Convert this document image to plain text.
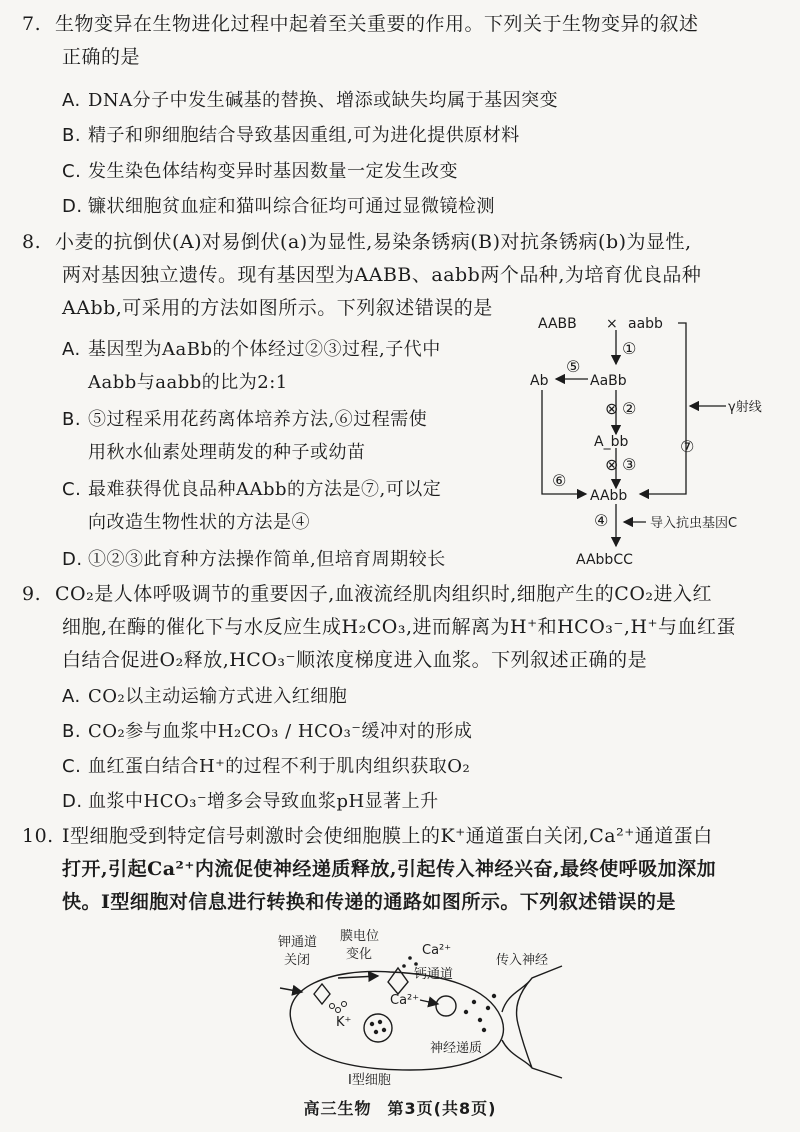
7. 生物变异在生物进化过程中起着至关重要的作用。下列关于生物变异的叙述
正确的是
A. DNA分子中发生碱基的替换、增添或缺失均属于基因突变
B. 精子和卵细胞结合导致基因重组,可为进化提供原材料
C. 发生染色体结构变异时基因数量一定发生改变
D. 镰状细胞贫血症和猫叫综合征均可通过显微镜检测
8. 小麦的抗倒伏(A)对易倒伏(a)为显性,易染条锈病(B)对抗条锈病(b)为显性,
两对基因独立遗传。现有基因型为AABB、aabb两个品种,为培育优良品种
AAbb,可采用的方法如图所示。下列叙述错误的是
A. 基因型为AaBb的个体经过②③过程,子代中
Aabb与aabb的比为2:1
B. ⑤过程采用花药离体培养方法,⑥过程需使
用秋水仙素处理萌发的种子或幼苗
C. 最难获得优良品种AAbb的方法是⑦,可以定
向改造生物性状的方法是④
D. ①②③此育种方法操作简单,但培育周期较长
AABB × aabb
①
⑤
AaBb
Ab
⊗ ②
A_bb
⊗ ③
⑦
γ射线
⑥
AAbb
④	导入抗虫基因C
AAbbCC
9. CO₂是人体呼吸调节的重要因子,血液流经肌肉组织时,细胞产生的CO₂进入红
细胞,在酶的催化下与水反应生成H₂CO₃,进而解离为H⁺和HCO₃⁻,H⁺与血红蛋
白结合促进O₂释放,HCO₃⁻顺浓度梯度进入血浆。下列叙述正确的是
A. CO₂以主动运输方式进入红细胞
B. CO₂参与血浆中H₂CO₃ / HCO₃⁻缓冲对的形成
C. 血红蛋白结合H⁺的过程不利于肌肉组织获取O₂
D. 血浆中HCO₃⁻增多会导致血浆pH显著上升
10. Ⅰ型细胞受到特定信号刺激时会使细胞膜上的K⁺通道蛋白关闭,Ca²⁺通道蛋白
打开,引起Ca²⁺内流促使神经递质释放,引起传入神经兴奋,最终使呼吸加深加
快。Ⅰ型细胞对信息进行转换和传递的通路如图所示。下列叙述错误的是
钾通道
关闭
膜电位
变化	Ca²⁺
钙通道
Ca²⁺
K⁺
传入神经
神经递质
Ⅰ型细胞
高三生物 第3页(共8页)
